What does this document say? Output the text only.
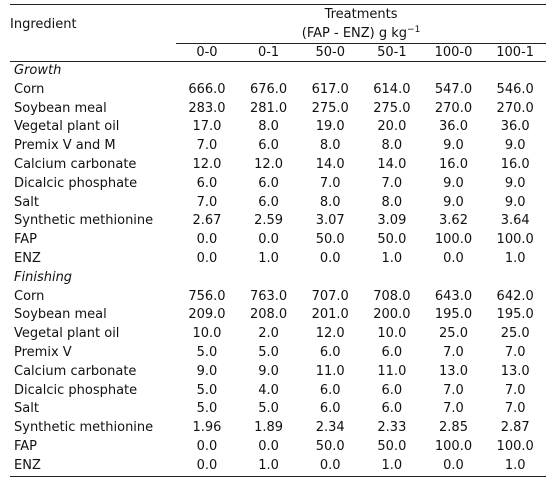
Ingredient	Treatments					
	(FAP - ENZ) g $kg^{-1}$
	0-0	0-1	50-0	50-1	100-0	100-1
Growth						
Corn	666.0	676.0	617.0	614.0	547.0	546.0
Soybean meal	283.0	281.0	275.0	275.0	270.0	270.0
Vegetal plant oil	17.0	8.0	19.0	20.0	36.0	36.0
Premix V and M	7.0	6.0	8.0	8.0	9.0	9.0
Calcium carbonate	12.0	12.0	14.0	14.0	16.0	16.0
Dicalcic phosphate	6.0	6.0	7.0	7.0	9.0	9.0
Salt	7.0	6.0	8.0	8.0	9.0	9.0
Synthetic methionine	2.67	2.59	3.07	3.09	3.62	3.64
FAP	0.0	0.0	50.0	50.0	100.0	100.0
ENZ	0.0	1.0	0.0	1.0	0.0	1.0
Finishing						
Corn	756.0	763.0	707.0	708.0	643.0	642.0
Soybean meal	209.0	208.0	201.0	200.0	195.0	195.0
Vegetal plant oil	10.0	2.0	12.0	10.0	25.0	25.0
Premix V	5.0	5.0	6.0	6.0	7.0	7.0
Calcium carbonate	9.0	9.0	11.0	11.0	13.0	13.0
Dicalcic phosphate	5.0	4.0	6.0	6.0	7.0	7.0
Salt	5.0	5.0	6.0	6.0	7.0	7.0
Synthetic methionine	1.96	1.89	2.34	2.33	2.85	2.87
FAP	0.0	0.0	50.0	50.0	100.0	100.0
ENZ	0.0	1.0	0.0	1.0	0.0	1.0
